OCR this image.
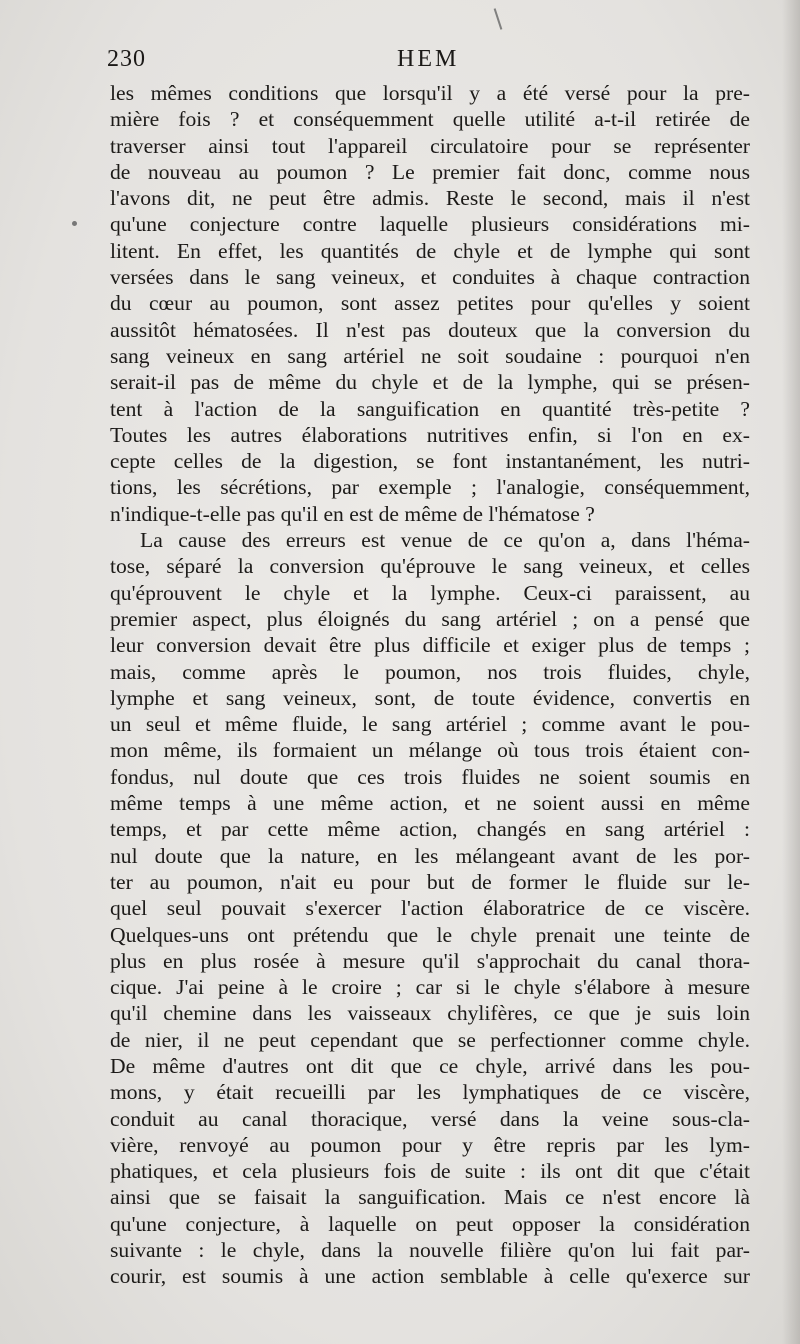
230	HEM
les mêmes conditions que lorsqu'il y a été versé pour la pre-
mière fois ? et conséquemment quelle utilité a-t-il retirée de
traverser ainsi tout l'appareil circulatoire pour se représenter
de nouveau au poumon ? Le premier fait donc, comme nous
l'avons dit, ne peut être admis. Reste le second, mais il n'est
qu'une conjecture contre laquelle plusieurs considérations mi-
litent. En effet, les quantités de chyle et de lymphe qui sont
versées dans le sang veineux, et conduites à chaque contraction
du cœur au poumon, sont assez petites pour qu'elles y soient
aussitôt hématosées. Il n'est pas douteux que la conversion du
sang veineux en sang artériel ne soit soudaine : pourquoi n'en
serait-il pas de même du chyle et de la lymphe, qui se présen-
tent à l'action de la sanguification en quantité très-petite ?
Toutes les autres élaborations nutritives enfin, si l'on en ex-
cepte celles de la digestion, se font instantanément, les nutri-
tions, les sécrétions, par exemple ; l'analogie, conséquemment,
n'indique-t-elle pas qu'il en est de même de l'hématose ?
La cause des erreurs est venue de ce qu'on a, dans l'héma-
tose, séparé la conversion qu'éprouve le sang veineux, et celles
qu'éprouvent le chyle et la lymphe. Ceux-ci paraissent, au
premier aspect, plus éloignés du sang artériel ; on a pensé que
leur conversion devait être plus difficile et exiger plus de temps ;
mais, comme après le poumon, nos trois fluides, chyle,
lymphe et sang veineux, sont, de toute évidence, convertis en
un seul et même fluide, le sang artériel ; comme avant le pou-
mon même, ils formaient un mélange où tous trois étaient con-
fondus, nul doute que ces trois fluides ne soient soumis en
même temps à une même action, et ne soient aussi en même
temps, et par cette même action, changés en sang artériel :
nul doute que la nature, en les mélangeant avant de les por-
ter au poumon, n'ait eu pour but de former le fluide sur le-
quel seul pouvait s'exercer l'action élaboratrice de ce viscère.
Quelques-uns ont prétendu que le chyle prenait une teinte de
plus en plus rosée à mesure qu'il s'approchait du canal thora-
cique. J'ai peine à le croire ; car si le chyle s'élabore à mesure
qu'il chemine dans les vaisseaux chylifères, ce que je suis loin
de nier, il ne peut cependant que se perfectionner comme chyle.
De même d'autres ont dit que ce chyle, arrivé dans les pou-
mons, y était recueilli par les lymphatiques de ce viscère,
conduit au canal thoracique, versé dans la veine sous-cla-
vière, renvoyé au poumon pour y être repris par les lym-
phatiques, et cela plusieurs fois de suite : ils ont dit que c'était
ainsi que se faisait la sanguification. Mais ce n'est encore là
qu'une conjecture, à laquelle on peut opposer la considération
suivante : le chyle, dans la nouvelle filière qu'on lui fait par-
courir, est soumis à une action semblable à celle qu'exerce sur
